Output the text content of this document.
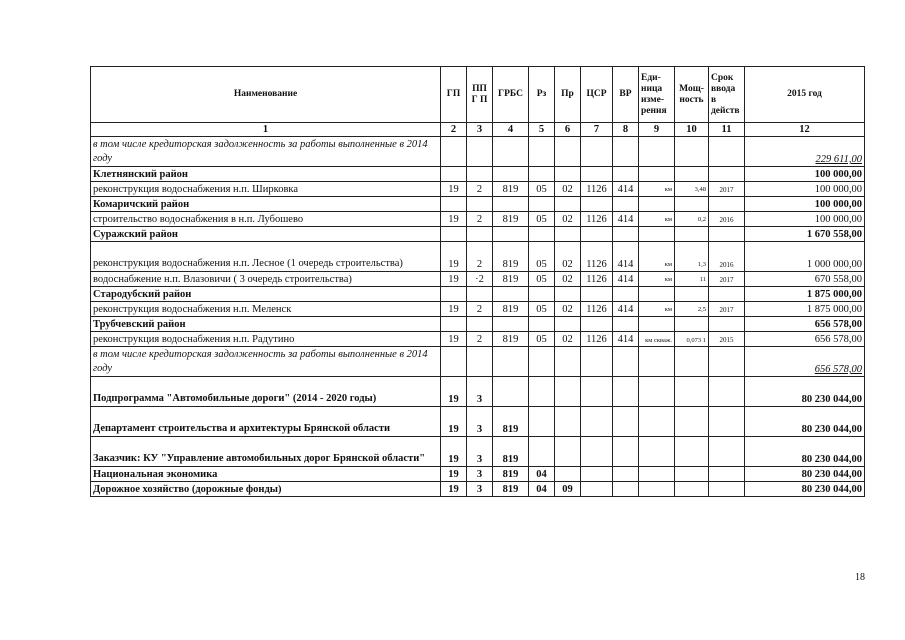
Наименование	ГП	ПП Г П	ГРБС	Рз	Пр	ЦСР	ВР	Еди-ница изме-рения	Мощ-ность	Срок ввода в действ	2015 год
1	2	3	4	5	6	7	8	9	10	11	12
в том числе кредиторская задолженность за работы выполненные в 2014 году											229 611,00
Клетнянский район											100 000,00
реконструкция водоснабжения н.п. Ширковка	19	2	819	05	02	1126	414	км	3,48	2017	100 000,00
Комаричский район											100 000,00
строительство водоснабжения в н.п. Лубошево	19	2	819	05	02	1126	414	км	0,2	2016	100 000,00
Суражский район											1 670 558,00
реконструкция водоснабжения н.п. Лесное (1 очередь строительства)	19	2	819	05	02	1126	414	км	1,3	2016	1 000 000,00
водоснабжение н.п. Влазовичи ( 3 очередь строительства)	19	·2	819	05	02	1126	414	км	11	2017	670 558,00
Стародубский район											1 875 000,00
реконструкция водоснабжения н.п. Меленск	19	2	819	05	02	1126	414	км	2,5	2017	1 875 000,00
Трубчевский район											656 578,00
реконструкция водоснабжения н.п. Радутино	19	2	819	05	02	1126	414	км скваж.	0,073 1	2015	656 578,00
в том числе кредиторская задолженность за работы выполненные в 2014 году											656 578,00
Подпрограмма "Автомобильные дороги" (2014 - 2020 годы)	19	3									80 230 044,00
Департамент строительства и архитектуры Брянской области	19	3	819								80 230 044,00
Заказчик: КУ "Управление автомобильных дорог Брянской области"	19	3	819								80 230 044,00
Национальная экономика	19	3	819	04							80 230 044,00
Дорожное хозяйство (дорожные фонды)	19	3	819	04	09						80 230 044,00
18
